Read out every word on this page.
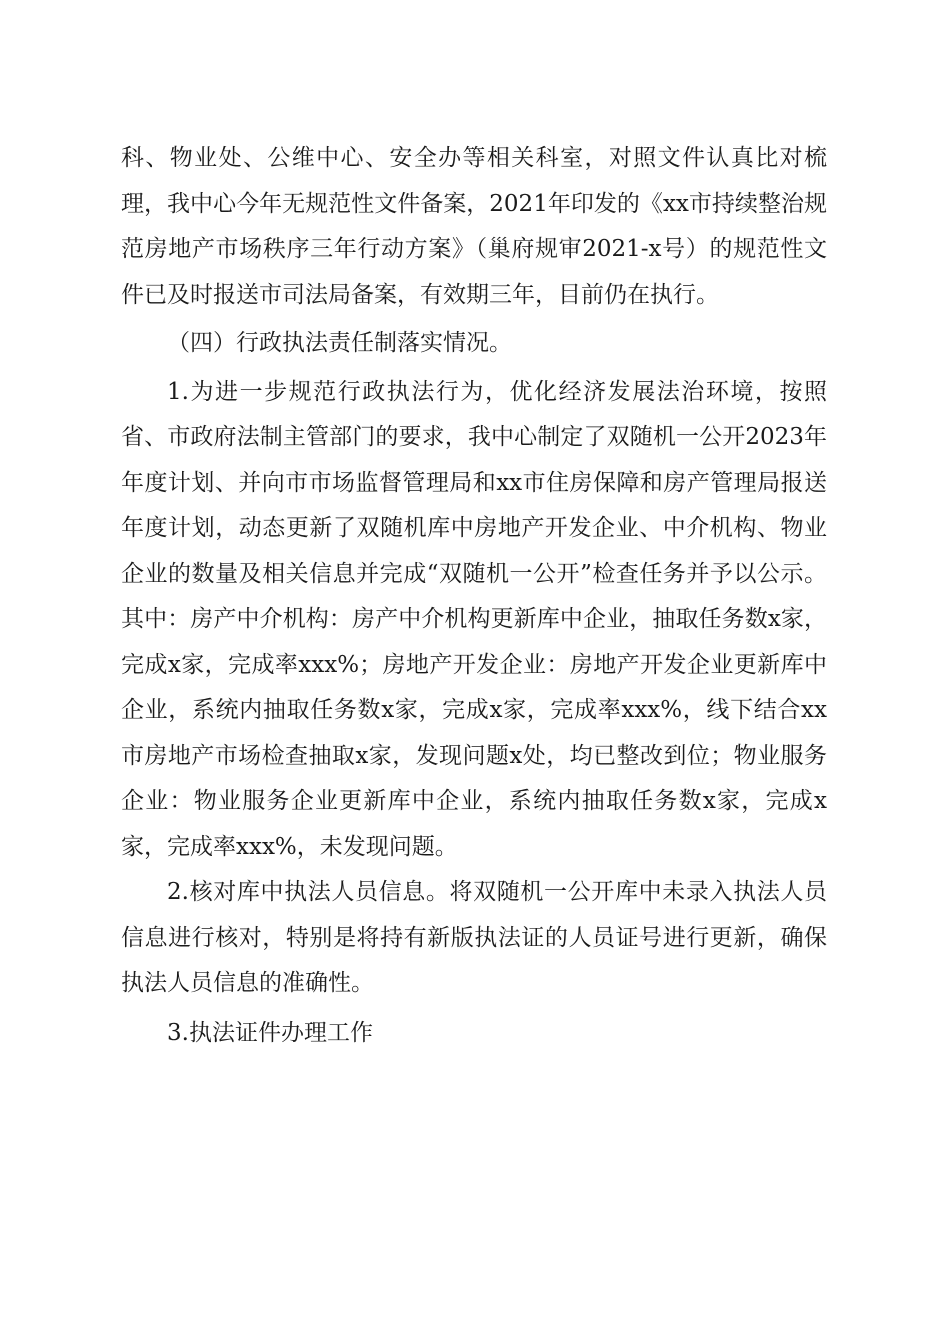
科、物业处、公维中心、安全办等相关科室，对照文件认真比对梳理，我中心今年无规范性文件备案，2021年印发的《xx市持续整治规范房地产市场秩序三年行动方案》（巢府规审2021-x号）的规范性文件已及时报送市司法局备案，有效期三年，目前仍在执行。

（四）行政执法责任制落实情况。

1.为进一步规范行政执法行为，优化经济发展法治环境，按照省、市政府法制主管部门的要求，我中心制定了双随机一公开2023年年度计划、并向市市场监督管理局和xx市住房保障和房产管理局报送年度计划，动态更新了双随机库中房地产开发企业、中介机构、物业企业的数量及相关信息并完成“双随机一公开”检查任务并予以公示。其中：房产中介机构：房产中介机构更新库中企业，抽取任务数x家，完成x家，完成率xxx%；房地产开发企业：房地产开发企业更新库中企业，系统内抽取任务数x家，完成x家，完成率xxx%，线下结合xx市房地产市场检查抽取x家，发现问题x处，均已整改到位；物业服务企业：物业服务企业更新库中企业，系统内抽取任务数x家，完成x家，完成率xxx%，未发现问题。

2.核对库中执法人员信息。将双随机一公开库中未录入执法人员信息进行核对，特别是将持有新版执法证的人员证号进行更新，确保执法人员信息的准确性。

3.执法证件办理工作
